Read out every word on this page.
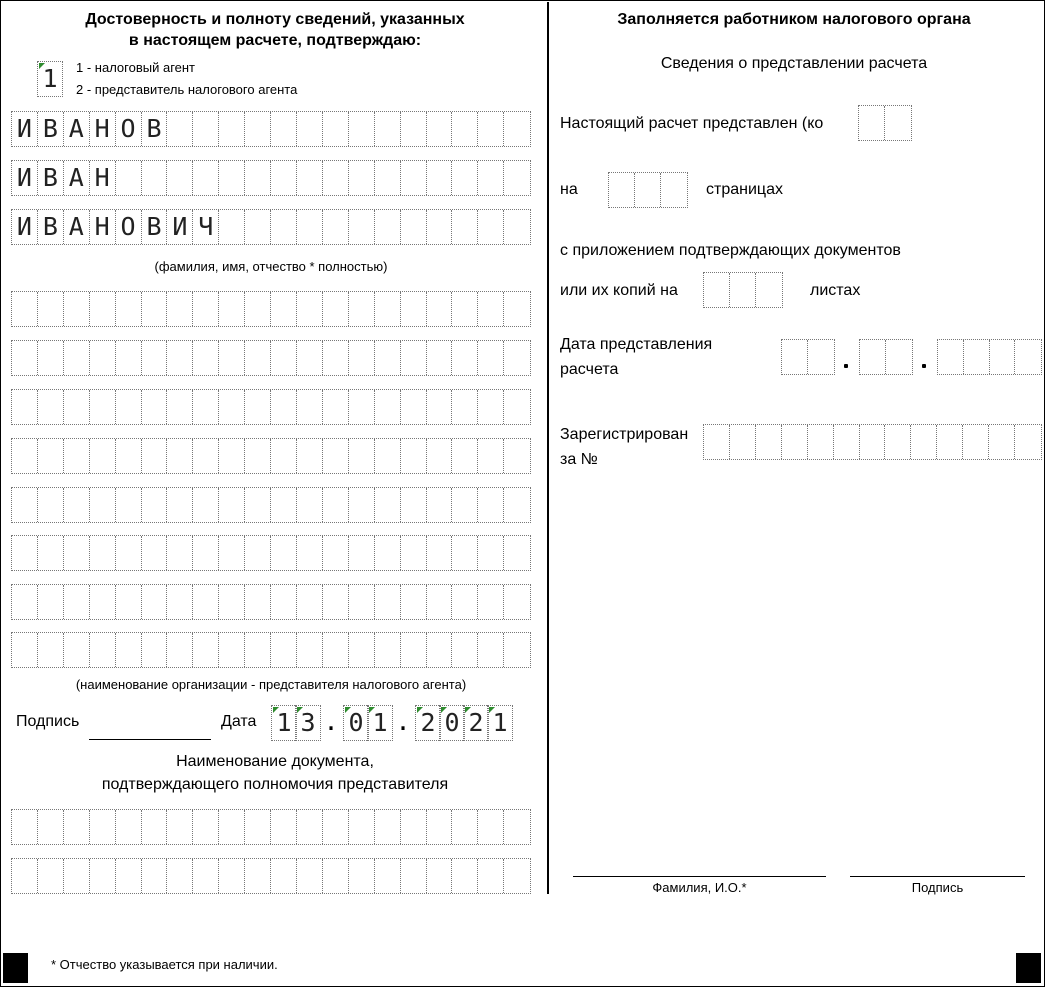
Достоверность и полноту сведений, указанных
в настоящем расчете, подтверждаю:
1	1 - налоговый агент
2 - представитель налогового агента
И В А Н О В
И В А Н
И В А Н О В И Ч
(фамилия, имя, отчество * полностью)
(наименование организации - представителя налогового агента)
Подпись	Дата 1 3 . 0 1 . 2 0 2 1
Наименование документа,
подтверждающего полномочия представителя
Заполняется работником налогового органа
Сведения о представлении расчета
Настоящий расчет представлен (ко
на	страницах
с приложением подтверждающих документов
или их копий на	листах
Дата представления
расчета
Зарегистрирован
за №
Фамилия, И.О.*	Подпись
* Отчество указывается при наличии.
